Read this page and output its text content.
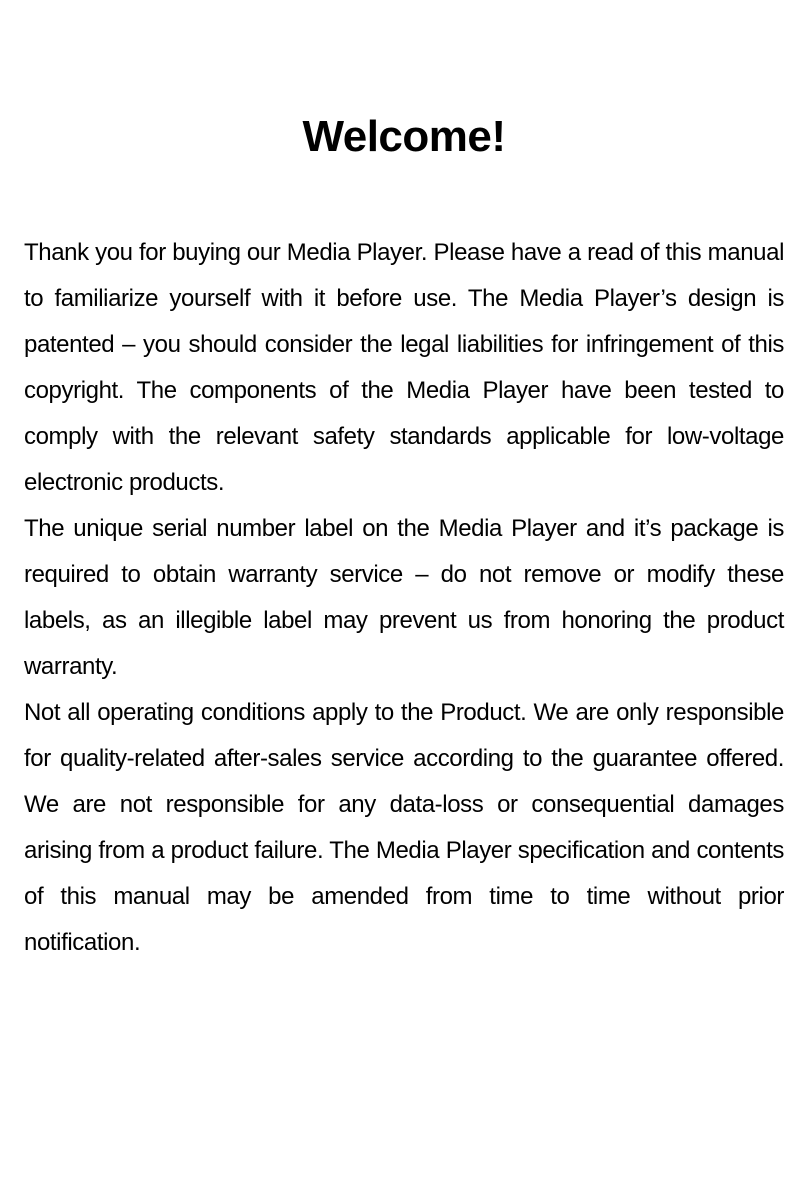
Welcome!

Thank you for buying our Media Player. Please have a read of this manual to familiarize yourself with it before use. The Media Player’s design is patented – you should consider the legal liabilities for infringement of this copyright. The components of the Media Player have been tested to comply with the relevant safety standards applicable for low-voltage electronic products.

The unique serial number label on the Media Player and it’s package is required to obtain warranty service – do not remove or modify these labels, as an illegible label may prevent us from honoring the product warranty.

Not all operating conditions apply to the Product. We are only responsible for quality-related after-sales service according to the guarantee offered. We are not responsible for any data-loss or consequential damages arising from a product failure. The Media Player specification and contents of this manual may be amended from time to time without prior notification.
